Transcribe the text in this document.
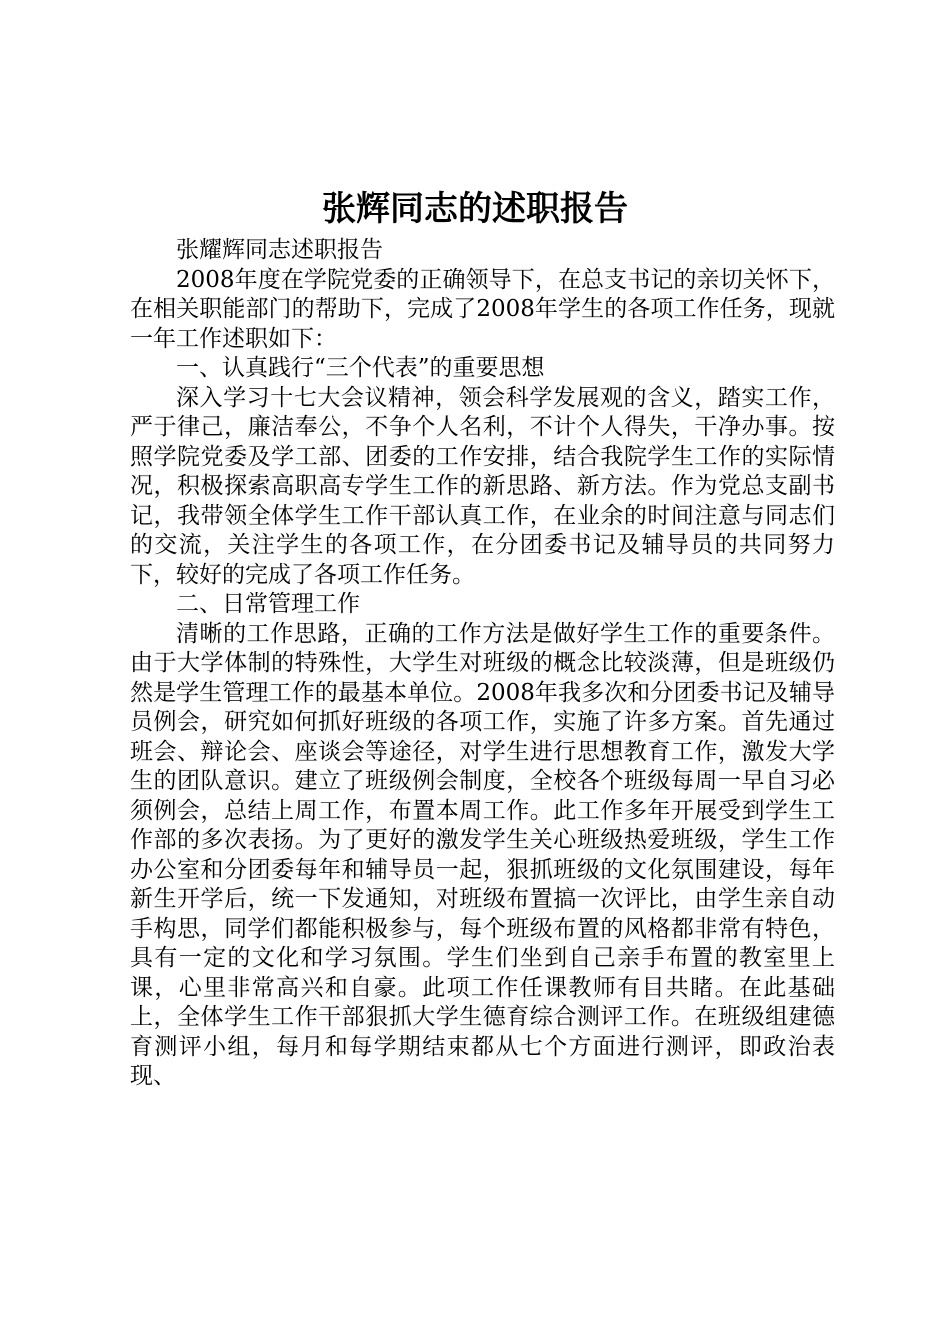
张辉同志的述职报告

张耀辉同志述职报告

2008年度在学院党委的正确领导下，在总支书记的亲切关怀下，在相关职能部门的帮助下，完成了2008年学生的各项工作任务，现就一年工作述职如下：

一、认真践行“三个代表”的重要思想

深入学习十七大会议精神，领会科学发展观的含义，踏实工作，严于律己，廉洁奉公，不争个人名利，不计个人得失，干净办事。按照学院党委及学工部、团委的工作安排，结合我院学生工作的实际情况，积极探索高职高专学生工作的新思路、新方法。作为党总支副书记，我带领全体学生工作干部认真工作，在业余的时间注意与同志们的交流，关注学生的各项工作，在分团委书记及辅导员的共同努力下，较好的完成了各项工作任务。

二、日常管理工作

清晰的工作思路，正确的工作方法是做好学生工作的重要条件。由于大学体制的特殊性，大学生对班级的概念比较淡薄，但是班级仍然是学生管理工作的最基本单位。2008年我多次和分团委书记及辅导员例会，研究如何抓好班级的各项工作，实施了许多方案。首先通过班会、辩论会、座谈会等途径，对学生进行思想教育工作，激发大学生的团队意识。建立了班级例会制度，全校各个班级每周一早自习必须例会，总结上周工作，布置本周工作。此工作多年开展受到学生工作部的多次表扬。为了更好的激发学生关心班级热爱班级，学生工作办公室和分团委每年和辅导员一起，狠抓班级的文化氛围建设，每年新生开学后，统一下发通知，对班级布置搞一次评比，由学生亲自动手构思，同学们都能积极参与，每个班级布置的风格都非常有特色，具有一定的文化和学习氛围。学生们坐到自己亲手布置的教室里上课，心里非常高兴和自豪。此项工作任课教师有目共睹。在此基础上，全体学生工作干部狠抓大学生德育综合测评工作。在班级组建德育测评小组，每月和每学期结束都从七个方面进行测评，即政治表现、
